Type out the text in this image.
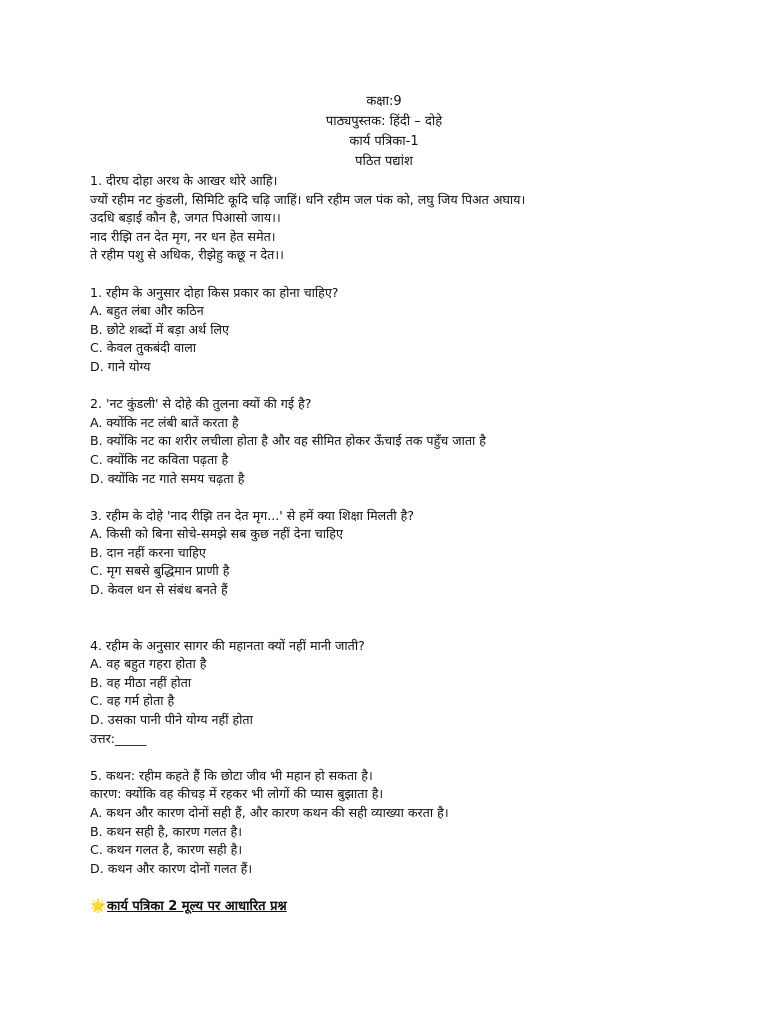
कक्षा:9
पाठ्यपुस्तक: हिंदी – दोहे
कार्य पत्रिका-1
पठित पद्यांश
1. दीरघ दोहा अरथ के आखर थोरे आहि।
ज्यों रहीम नट कुंडली, सिमिटि कूदि चढ़ि जाहिं। धनि रहीम जल पंक को, लघु जिय पिअत अघाय।
उदधि बड़ाई कौन है, जगत पिआसो जाय।।
नाद रीझि तन देत मृग, नर धन हेत समेत।
ते रहीम पशु से अधिक, रीझेहु कछू न देत।।
1. रहीम के अनुसार दोहा किस प्रकार का होना चाहिए?
A. बहुत लंबा और कठिन
B. छोटे शब्दों में बड़ा अर्थ लिए
C. केवल तुकबंदी वाला
D. गाने योग्य
2. 'नट कुंडली' से दोहे की तुलना क्यों की गई है?
A. क्योंकि नट लंबी बातें करता है
B. क्योंकि नट का शरीर लचीला होता है और वह सीमित होकर ऊँचाई तक पहुँच जाता है
C. क्योंकि नट कविता पढ़ता है
D. क्योंकि नट गाते समय चढ़ता है
3. रहीम के दोहे 'नाद रीझि तन देत मृग...' से हमें क्या शिक्षा मिलती है?
A. किसी को बिना सोचे-समझे सब कुछ नहीं देना चाहिए
B. दान नहीं करना चाहिए
C. मृग सबसे बुद्धिमान प्राणी है
D. केवल धन से संबंध बनते हैं
4. रहीम के अनुसार सागर की महानता क्यों नहीं मानी जाती?
A. वह बहुत गहरा होता है
B. वह मीठा नहीं होता
C. वह गर्म होता है
D. उसका पानी पीने योग्य नहीं होता
उत्तर:_____
5. कथन: रहीम कहते हैं कि छोटा जीव भी महान हो सकता है।
कारण: क्योंकि वह कीचड़ में रहकर भी लोगों की प्यास बुझाता है।
A. कथन और कारण दोनों सही हैं, और कारण कथन की सही व्याख्या करता है।
B. कथन सही है, कारण गलत है।
C. कथन गलत है, कारण सही है।
D. कथन और कारण दोनों गलत हैं।
🌟कार्य पत्रिका 2 मूल्य पर आधारित प्रश्न
